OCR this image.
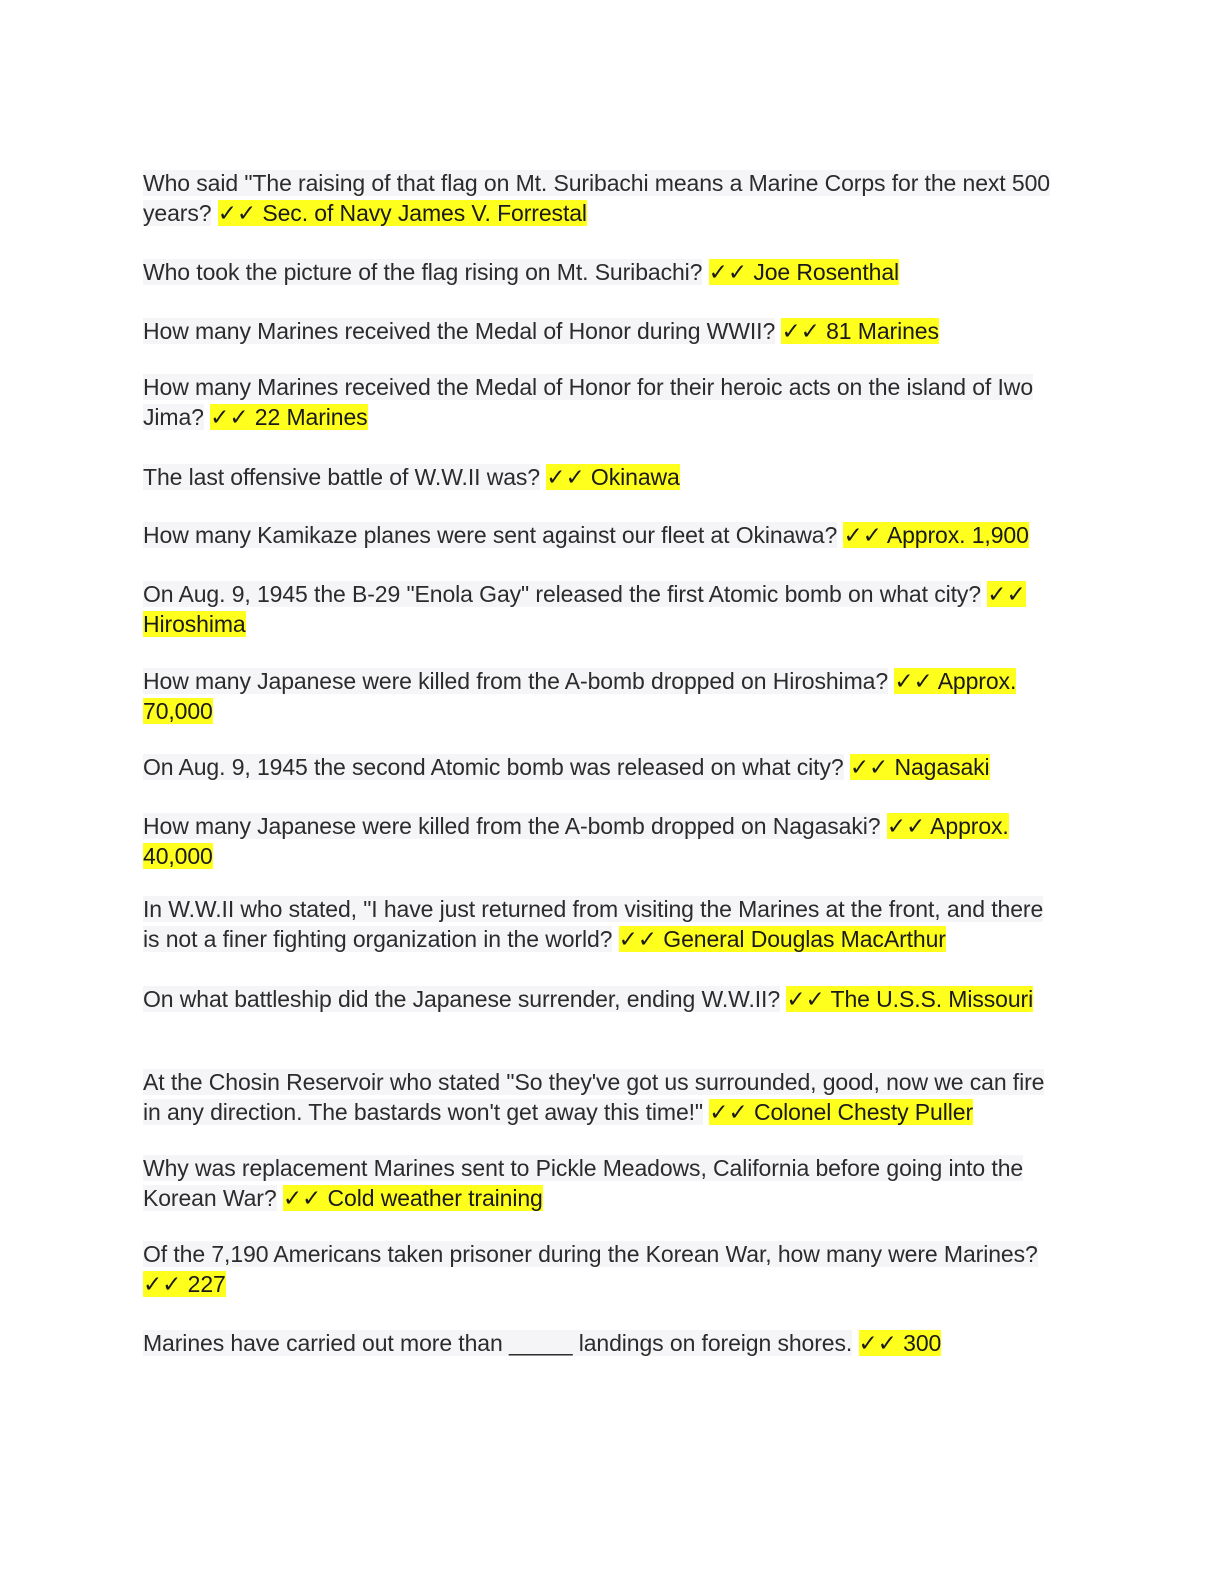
Who said "The raising of that flag on Mt. Suribachi means a Marine Corps for the next 500 years? ✓✓ Sec. of Navy James V. Forrestal
Who took the picture of the flag rising on Mt. Suribachi? ✓✓ Joe Rosenthal
How many Marines received the Medal of Honor during WWII? ✓✓ 81 Marines
How many Marines received the Medal of Honor for their heroic acts on the island of Iwo Jima? ✓✓ 22 Marines
The last offensive battle of W.W.II was? ✓✓ Okinawa
How many Kamikaze planes were sent against our fleet at Okinawa? ✓✓ Approx. 1,900
On Aug. 9, 1945 the B-29 "Enola Gay" released the first Atomic bomb on what city? ✓✓ Hiroshima
How many Japanese were killed from the A-bomb dropped on Hiroshima? ✓✓ Approx. 70,000
On Aug. 9, 1945 the second Atomic bomb was released on what city? ✓✓ Nagasaki
How many Japanese were killed from the A-bomb dropped on Nagasaki? ✓✓ Approx. 40,000
In W.W.II who stated, "I have just returned from visiting the Marines at the front, and there is not a finer fighting organization in the world? ✓✓ General Douglas MacArthur
On what battleship did the Japanese surrender, ending W.W.II? ✓✓ The U.S.S. Missouri
At the Chosin Reservoir who stated "So they've got us surrounded, good, now we can fire in any direction. The bastards won't get away this time!" ✓✓ Colonel Chesty Puller
Why was replacement Marines sent to Pickle Meadows, California before going into the Korean War? ✓✓ Cold weather training
Of the 7,190 Americans taken prisoner during the Korean War, how many were Marines? ✓✓ 227
Marines have carried out more than _____ landings on foreign shores. ✓✓ 300
